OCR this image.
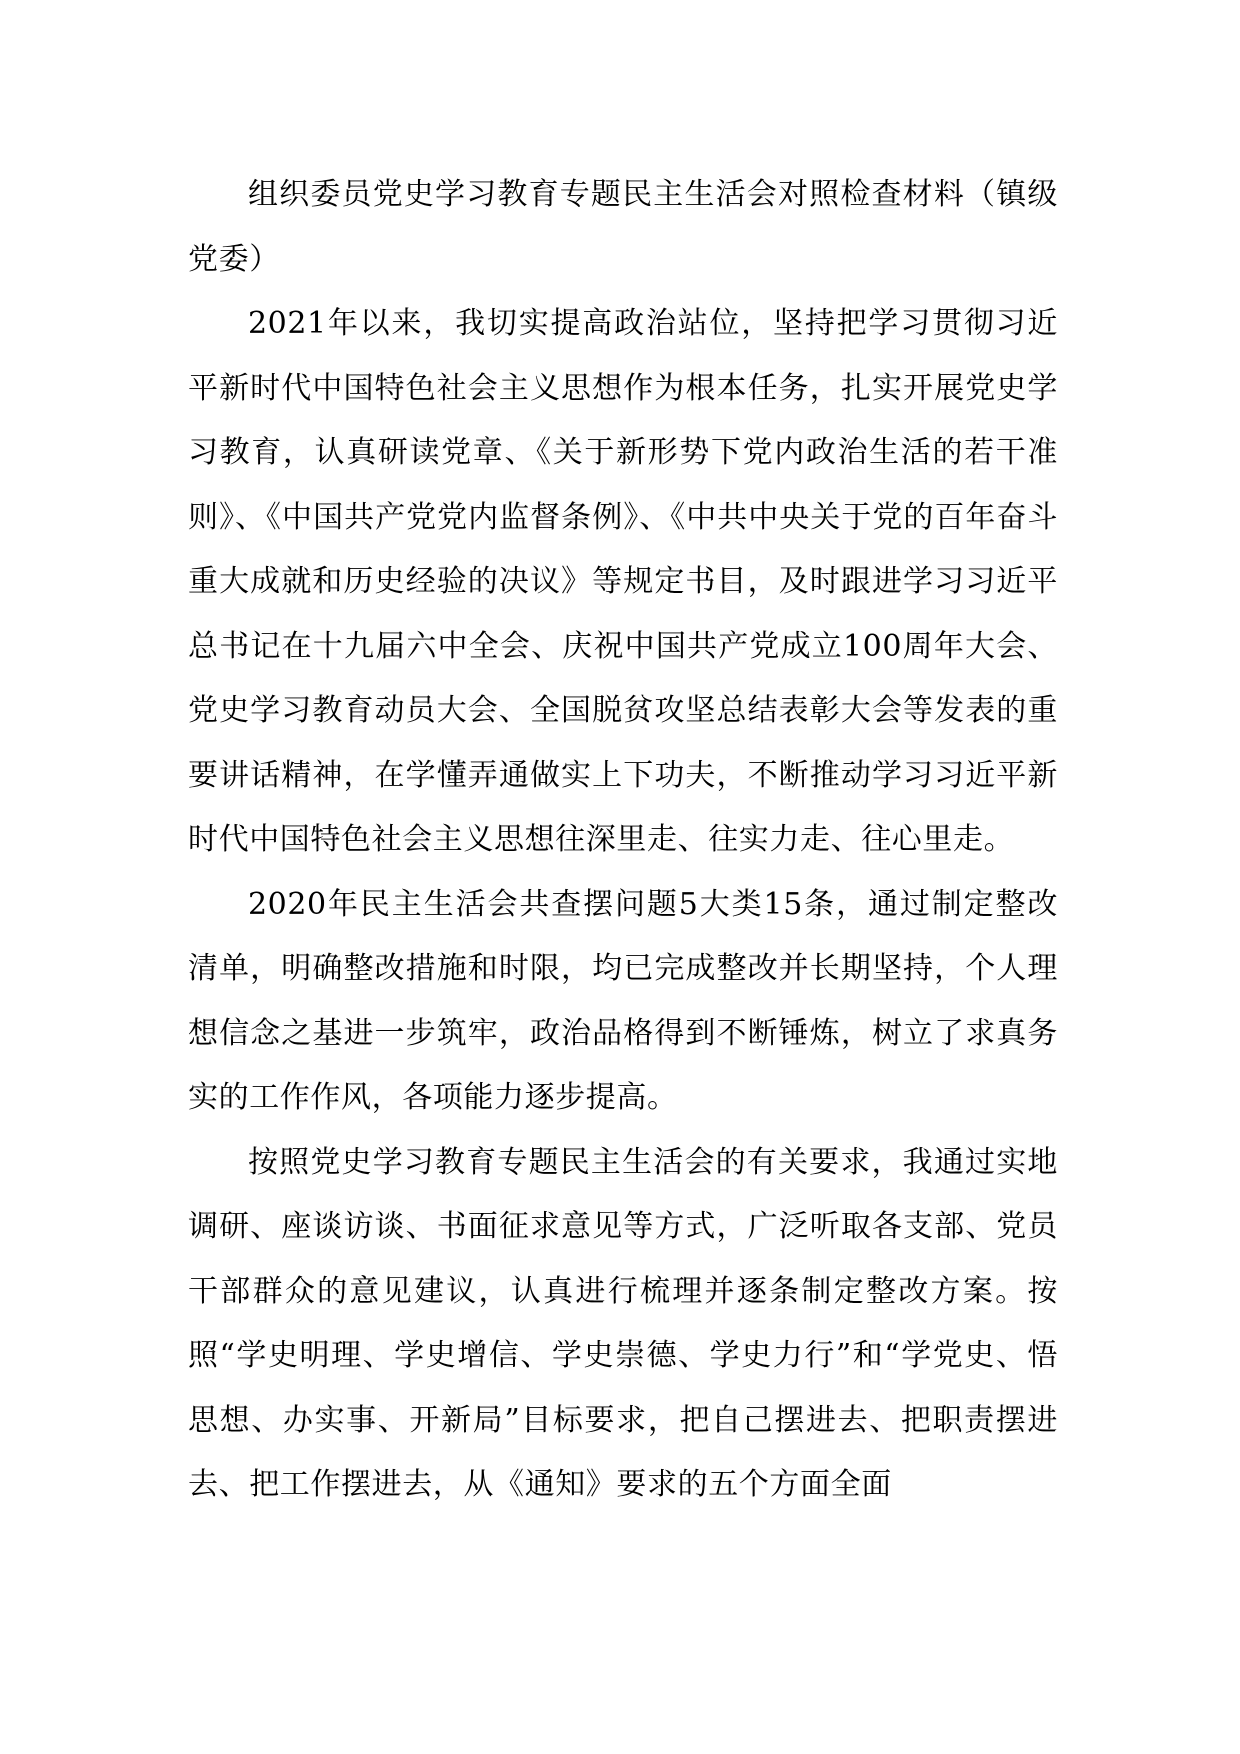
组织委员党史学习教育专题民主生活会对照检查材料（镇级党委）

2021年以来，我切实提高政治站位，坚持把学习贯彻习近平新时代中国特色社会主义思想作为根本任务，扎实开展党史学习教育，认真研读党章、《关于新形势下党内政治生活的若干准则》、《中国共产党党内监督条例》、《中共中央关于党的百年奋斗重大成就和历史经验的决议》等规定书目，及时跟进学习习近平总书记在十九届六中全会、庆祝中国共产党成立100周年大会、党史学习教育动员大会、全国脱贫攻坚总结表彰大会等发表的重要讲话精神，在学懂弄通做实上下功夫，不断推动学习习近平新时代中国特色社会主义思想往深里走、往实力走、往心里走。

2020年民主生活会共查摆问题5大类15条，通过制定整改清单，明确整改措施和时限，均已完成整改并长期坚持，个人理想信念之基进一步筑牢，政治品格得到不断锤炼，树立了求真务实的工作作风，各项能力逐步提高。

按照党史学习教育专题民主生活会的有关要求，我通过实地调研、座谈访谈、书面征求意见等方式，广泛听取各支部、党员干部群众的意见建议，认真进行梳理并逐条制定整改方案。按照“学史明理、学史增信、学史崇德、学史力行”和“学党史、悟思想、办实事、开新局”目标要求，把自己摆进去、把职责摆进去、把工作摆进去，从《通知》要求的五个方面全面
